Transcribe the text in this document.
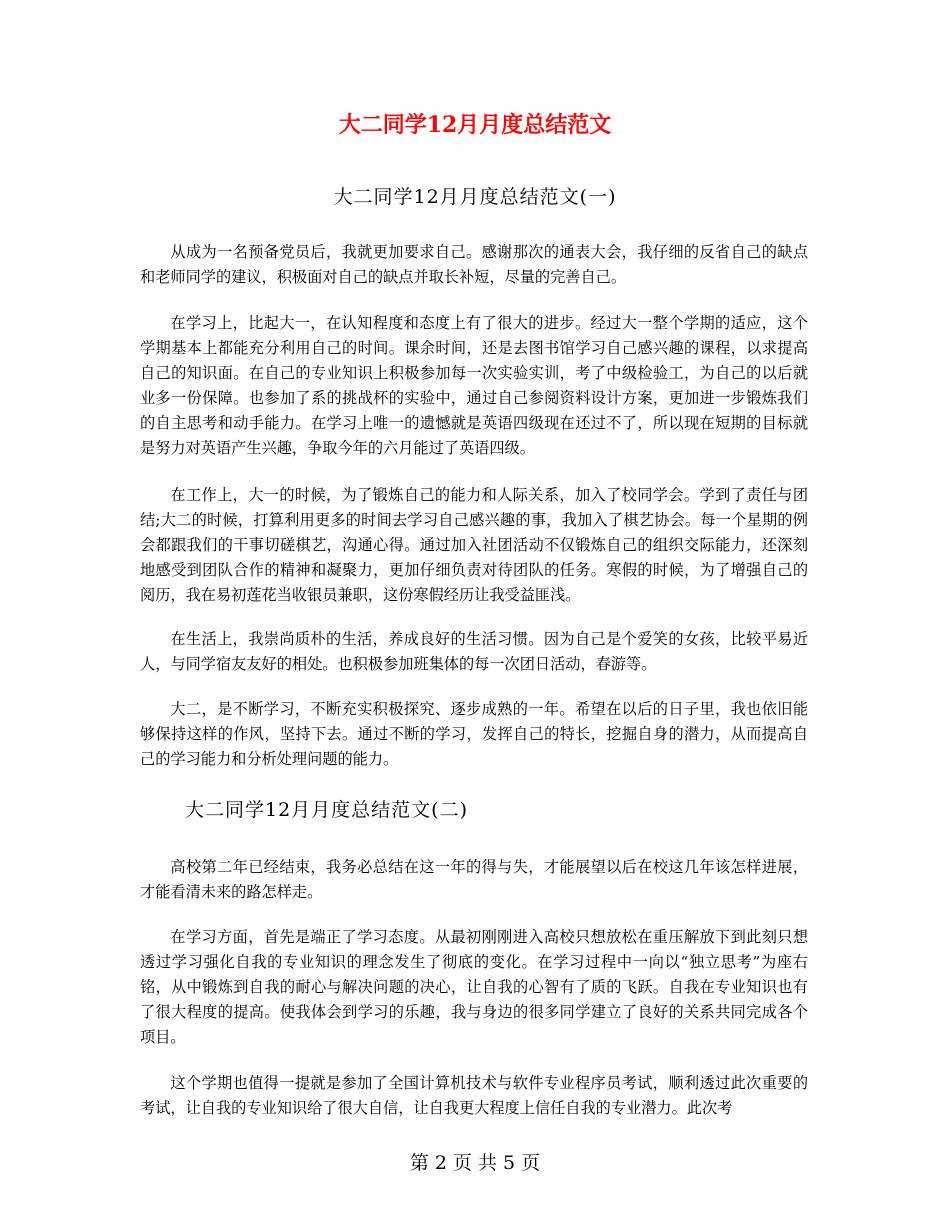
大二同学12月月度总结范文
大二同学12月月度总结范文(一)

从成为一名预备党员后，我就更加要求自己。感谢那次的通表大会，我仔细的反省自己的缺点和老师同学的建议，积极面对自己的缺点并取长补短，尽量的完善自己。

在学习上，比起大一，在认知程度和态度上有了很大的进步。经过大一整个学期的适应，这个学期基本上都能充分利用自己的时间。课余时间，还是去图书馆学习自己感兴趣的课程，以求提高自己的知识面。在自己的专业知识上积极参加每一次实验实训，考了中级检验工，为自己的以后就业多一份保障。也参加了系的挑战杯的实验中，通过自己参阅资料设计方案，更加进一步锻炼我们的自主思考和动手能力。在学习上唯一的遗憾就是英语四级现在还过不了，所以现在短期的目标就是努力对英语产生兴趣，争取今年的六月能过了英语四级。

在工作上，大一的时候，为了锻炼自己的能力和人际关系，加入了校同学会。学到了责任与团结;大二的时候，打算利用更多的时间去学习自己感兴趣的事，我加入了棋艺协会。每一个星期的例会都跟我们的干事切磋棋艺，沟通心得。通过加入社团活动不仅锻炼自己的组织交际能力，还深刻地感受到团队合作的精神和凝聚力，更加仔细负责对待团队的任务。寒假的时候，为了增强自己的阅历，我在易初莲花当收银员兼职，这份寒假经历让我受益匪浅。

在生活上，我崇尚质朴的生活，养成良好的生活习惯。因为自己是个爱笑的女孩，比较平易近人，与同学宿友友好的相处。也积极参加班集体的每一次团日活动，春游等。

大二，是不断学习，不断充实积极探究、逐步成熟的一年。希望在以后的日子里，我也依旧能够保持这样的作风，坚持下去。通过不断的学习，发挥自己的特长，挖掘自身的潜力，从而提高自己的学习能力和分析处理问题的能力。

大二同学12月月度总结范文(二)

高校第二年已经结束，我务必总结在这一年的得与失，才能展望以后在校这几年该怎样进展，才能看清未来的路怎样走。

在学习方面，首先是端正了学习态度。从最初刚刚进入高校只想放松在重压解放下到此刻只想透过学习强化自我的专业知识的理念发生了彻底的变化。在学习过程中一向以“独立思考”为座右铭，从中锻炼到自我的耐心与解决问题的决心，让自我的心智有了质的飞跃。自我在专业知识也有了很大程度的提高。使我体会到学习的乐趣，我与身边的很多同学建立了良好的关系共同完成各个项目。

这个学期也值得一提就是参加了全国计算机技术与软件专业程序员考试，顺利透过此次重要的考试，让自我的专业知识给了很大自信，让自我更大程度上信任自我的专业潜力。此次考

第 2 页 共 5 页
